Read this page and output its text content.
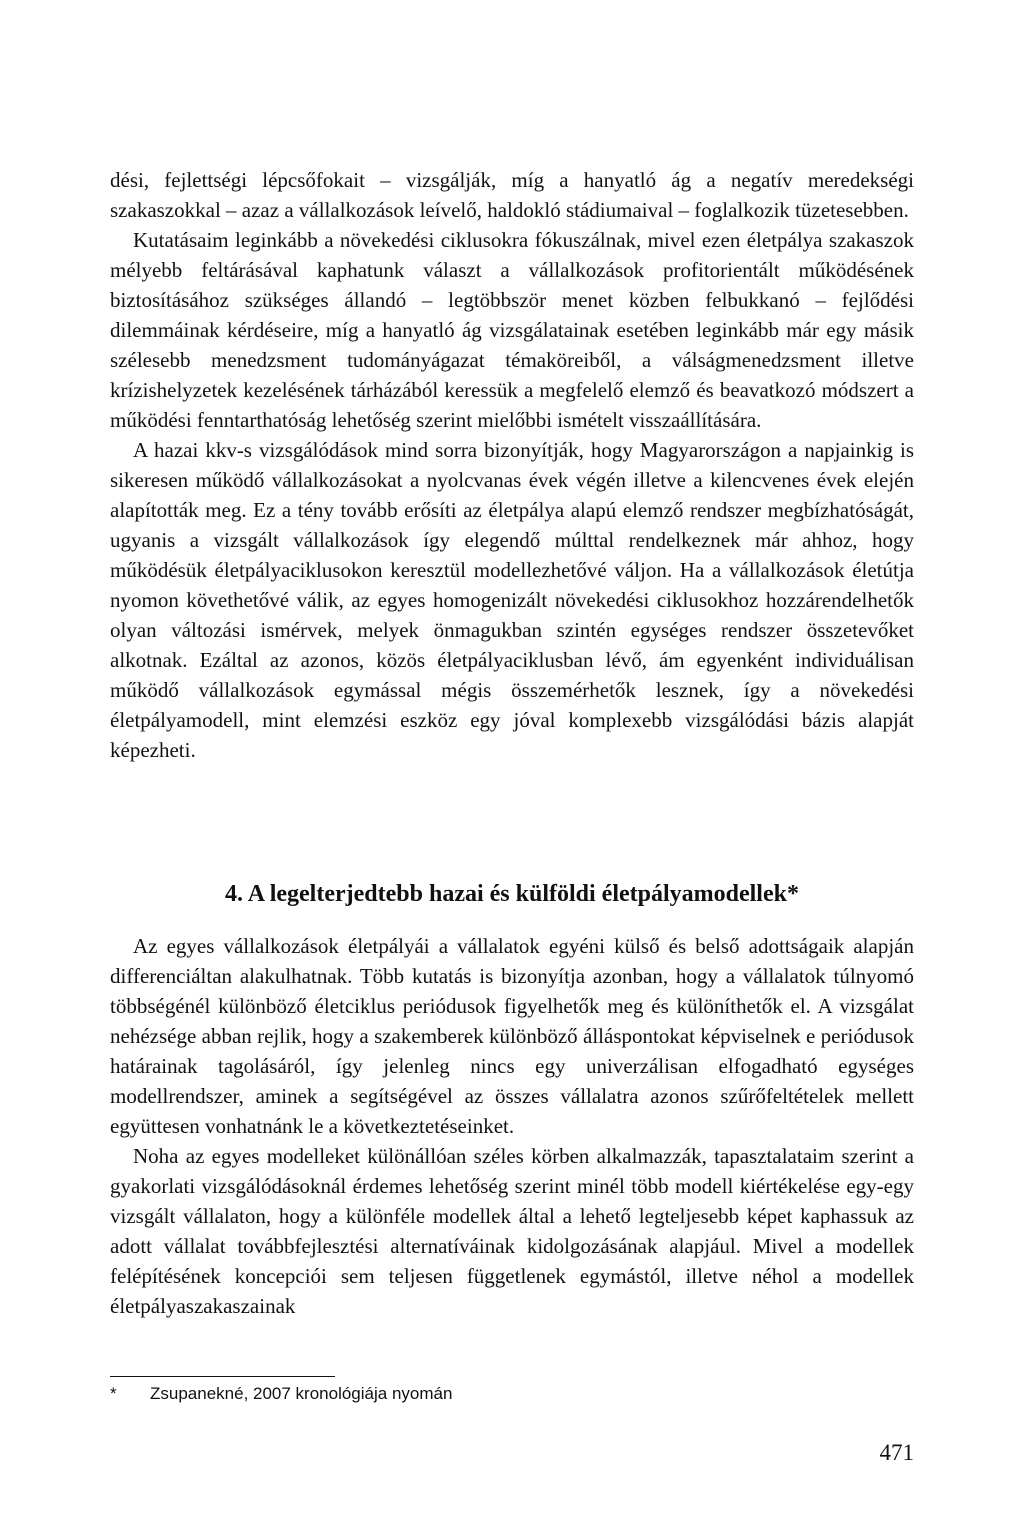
dési, fejlettségi lépcsőfokait – vizsgálják, míg a hanyatló ág a negatív meredekségi szakaszokkal – azaz a vállalkozások leívelő, haldokló stádiumaival – foglalkozik tüzetesebben.

Kutatásaim leginkább a növekedési ciklusokra fókuszálnak, mivel ezen életpálya szakaszok mélyebb feltárásával kaphatunk választ a vállalkozások profitorientált működésének biztosításához szükséges állandó – legtöbbször menet közben felbukkanó – fejlődési dilemmáinak kérdéseire, míg a hanyatló ág vizsgálatainak esetében leginkább már egy másik szélesebb menedzsment tudományágazat témaköreiből, a válságmenedzsment illetve krízishelyzetek kezelésének tárházából keressük a megfelelő elemző és beavatkozó módszert a működési fenntarthatóság lehetőség szerint mielőbbi ismételt visszaállítására.

A hazai kkv-s vizsgálódások mind sorra bizonyítják, hogy Magyarországon a napjainkig is sikeresen működő vállalkozásokat a nyolcvanas évek végén illetve a kilencvenes évek elején alapították meg. Ez a tény tovább erősíti az életpálya alapú elemző rendszer megbízhatóságát, ugyanis a vizsgált vállalkozások így elegendő múlttal rendelkeznek már ahhoz, hogy működésük életpályaciklusokon keresztül modellezhetővé váljon. Ha a vállalkozások életútja nyomon követhetővé válik, az egyes homogenizált növekedési ciklusokhoz hozzárendelhetők olyan változási ismérvek, melyek önmagukban szintén egységes rendszer összetevőket alkotnak. Ezáltal az azonos, közös életpályaciklusban lévő, ám egyenként individuálisan működő vállalkozások egymással mégis összemérhetők lesznek, így a növekedési életpályamodell, mint elemzési eszköz egy jóval komplexebb vizsgálódási bázis alapját képezheti.

4. A legelterjedtebb hazai és külföldi életpályamodellek*

Az egyes vállalkozások életpályái a vállalatok egyéni külső és belső adottságaik alapján differenciáltan alakulhatnak. Több kutatás is bizonyítja azonban, hogy a vállalatok túlnyomó többségénél különböző életciklus periódusok figyelhetők meg és különíthetők el. A vizsgálat nehézsége abban rejlik, hogy a szakemberek különböző álláspontokat képviselnek e periódusok határainak tagolásáról, így jelenleg nincs egy univerzálisan elfogadható egységes modellrendszer, aminek a segítségével az összes vállalatra azonos szűrőfeltételek mellett együttesen vonhatnánk le a következtetéseinket.

Noha az egyes modelleket különállóan széles körben alkalmazzák, tapasztalataim szerint a gyakorlati vizsgálódásoknál érdemes lehetőség szerint minél több modell kiértékelése egy-egy vizsgált vállalaton, hogy a különféle modellek által a lehető legteljesebb képet kaphassuk az adott vállalat továbbfejlesztési alternatíváinak kidolgozásának alapjául. Mivel a modellek felépítésének koncepciói sem teljesen függetlenek egymástól, illetve néhol a modellek életpályaszakaszainak

* Zsupanekné, 2007 kronológiája nyomán
471
